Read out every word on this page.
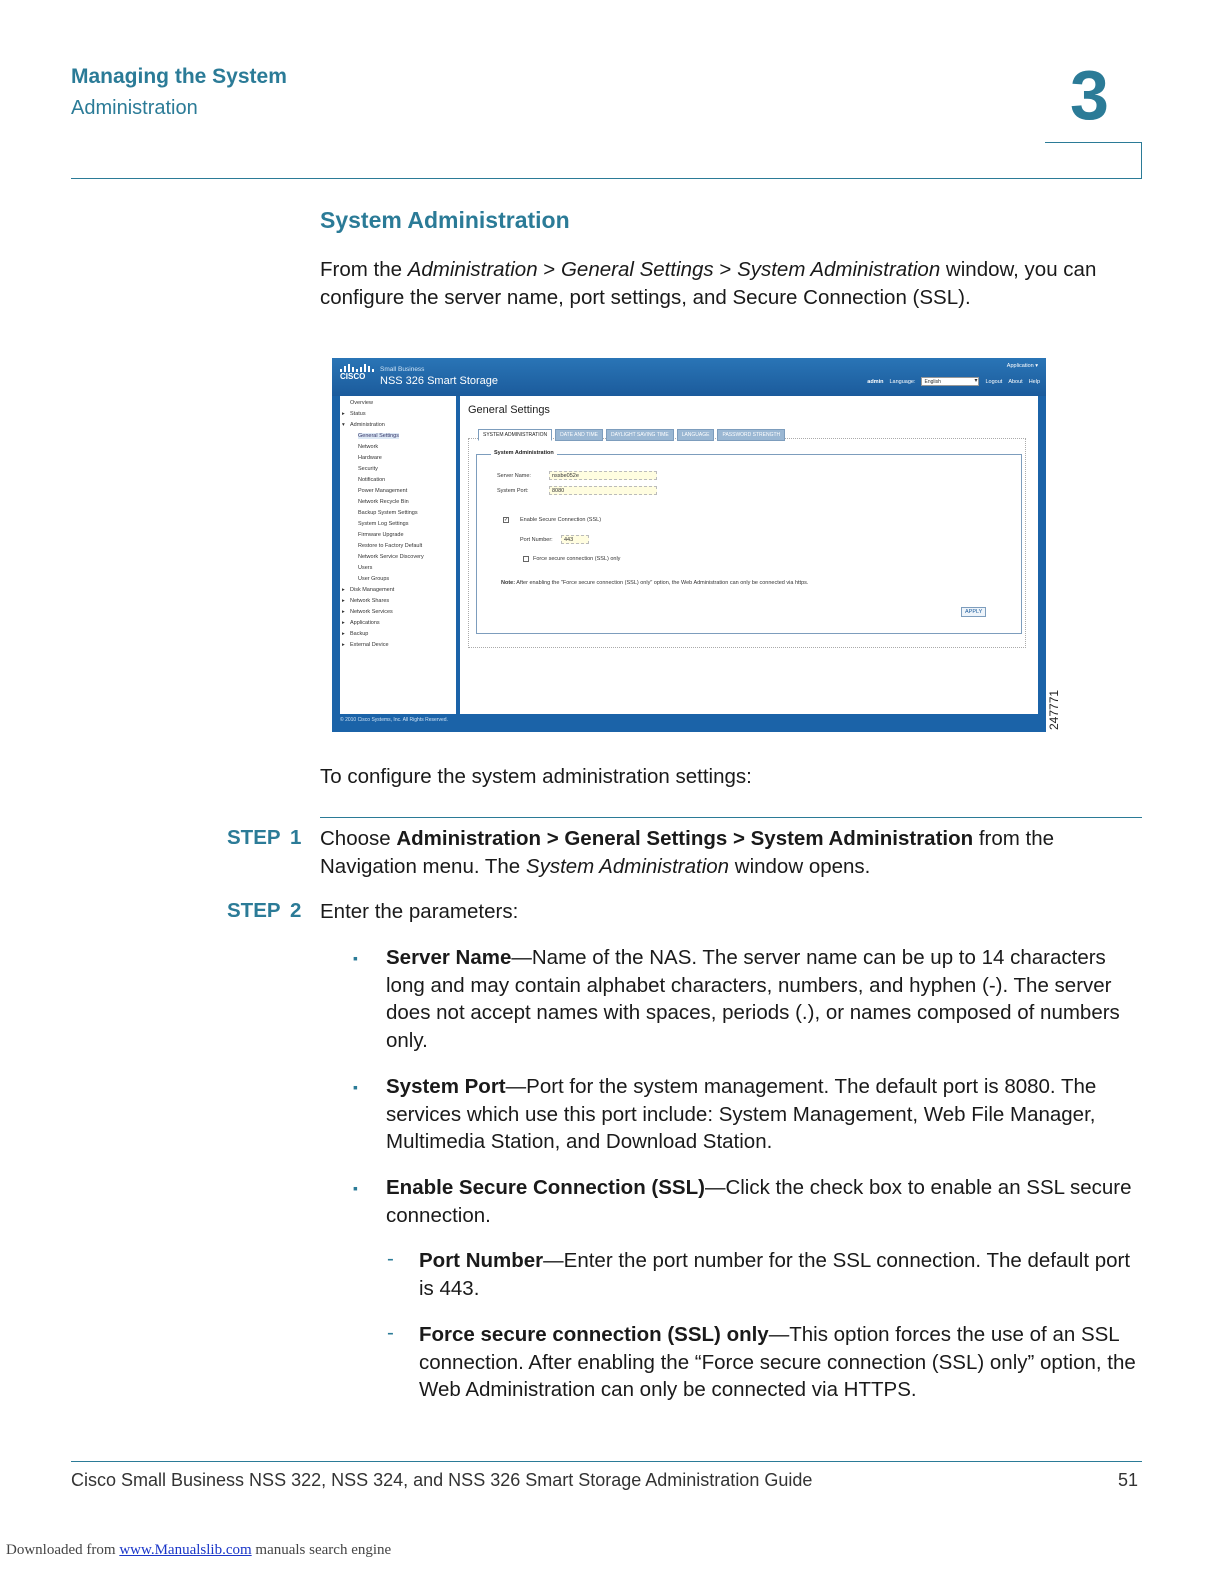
Managing the System
Administration	3
System Administration
From the Administration > General Settings > System Administration window, you can configure the server name, port settings, and Secure Connection (SSL).
CISCO
Small Business
NSS 326 Smart Storage
Application ▾
admin Language:	English ▾	Logout About Help
Overview
▸ Status
▾ Administration
General Settings
Network
Hardware
Security
Notification
Power Management
Network Recycle Bin
Backup System Settings
System Log Settings
Firmware Upgrade
Restore to Factory Default
Network Service Discovery
Users
User Groups
▸ Disk Management
▸ Network Shares
▸ Network Services
▸ Applications
▸ Backup
▸ External Device
General Settings
System Administration
Server Name:	nssbe052e
System Port:	8080
✓ Enable Secure Connection (SSL)
Port Number:	443
Force secure connection (SSL) only
Note: After enabling the "Force secure connection (SSL) only" option, the Web Administration can only be connected via https.
APPLY
SYSTEM ADMINISTRATION	DATE AND TIME	DAYLIGHT SAVING TIME	LANGUAGE	PASSWORD STRENGTH
© 2010 Cisco Systems, Inc. All Rights Reserved.	247771
To configure the system administration settings:
STEP 1 Choose Administration > General Settings > System Administration from the Navigation menu. The System Administration window opens.
STEP 2 Enter the parameters:
▪ Server Name—Name of the NAS. The server name can be up to 14 characters long and may contain alphabet characters, numbers, and hyphen (-). The server does not accept names with spaces, periods (.), or names composed of numbers only.
▪ System Port—Port for the system management. The default port is 8080. The services which use this port include: System Management, Web File Manager, Multimedia Station, and Download Station.
▪ Enable Secure Connection (SSL)—Click the check box to enable an SSL secure connection.
- Port Number—Enter the port number for the SSL connection. The default port is 443.
- Force secure connection (SSL) only—This option forces the use of an SSL connection. After enabling the “Force secure connection (SSL) only” option, the Web Administration can only be connected via HTTPS.
Cisco Small Business NSS 322, NSS 324, and NSS 326 Smart Storage Administration Guide	51
Downloaded from www.Manualslib.com manuals search engine
